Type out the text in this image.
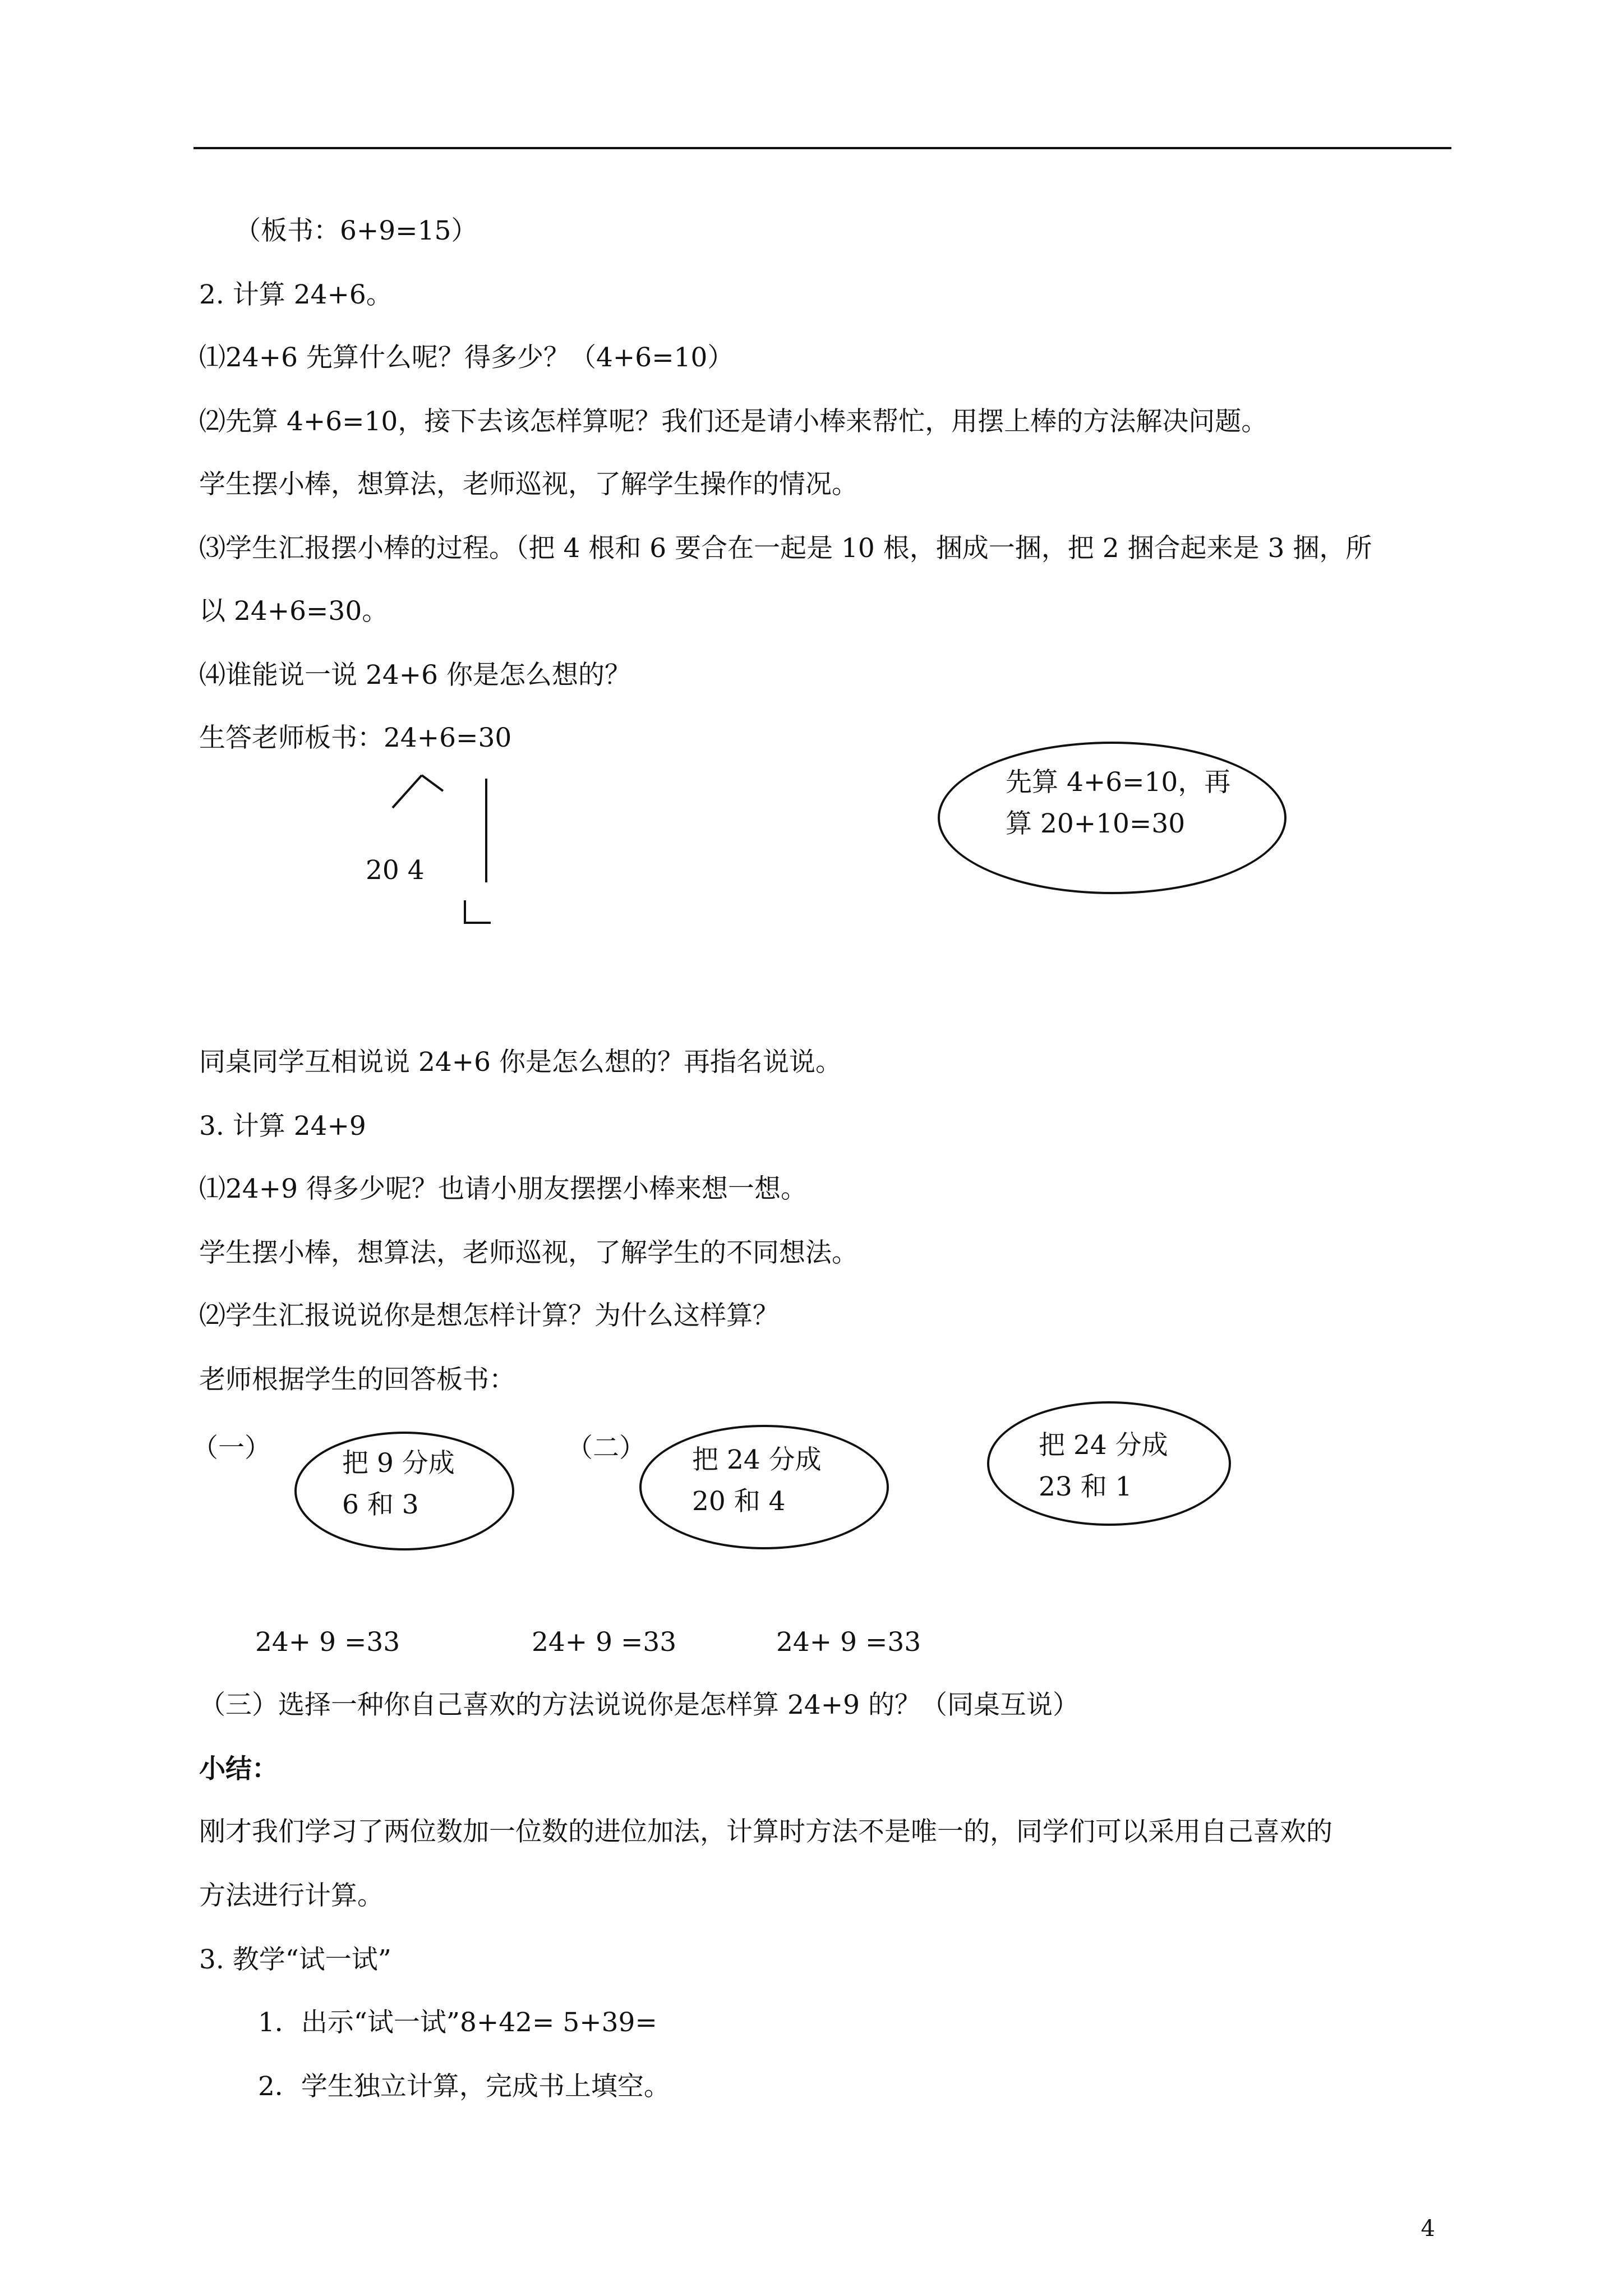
（板书：6+9=15）
2. 计算 24+6。
⑴24+6 先算什么呢？得多少？（4+6=10）
⑵先算 4+6=10，接下去该怎样算呢？我们还是请小棒来帮忙，用摆上棒的方法解决问题。
学生摆小棒，想算法，老师巡视，了解学生操作的情况。
⑶学生汇报摆小棒的过程。（把 4 根和 6 要合在一起是 10 根，捆成一捆，把 2 捆合起来是 3 捆，所
以 24+6=30。
⑷谁能说一说 24+6 你是怎么想的？
生答老师板书：24+6=30
20 4
先算 4+6=10，再
算 20+10=30
同桌同学互相说说 24+6 你是怎么想的？再指名说说。
3. 计算 24+9
⑴24+9 得多少呢？也请小朋友摆摆小棒来想一想。
学生摆小棒，想算法，老师巡视，了解学生的不同想法。
⑵学生汇报说说你是想怎样计算？为什么这样算？
老师根据学生的回答板书：
（一）	把 9 分成
6 和 3
（二） 把 24 分成
20 和 4
把 24 分成
23 和 1
24+ 9 =33	24+ 9 =33	24+ 9 =33
（三）选择一种你自己喜欢的方法说说你是怎样算 24+9 的？（同桌互说）
小结：
刚才我们学习了两位数加一位数的进位加法，计算时方法不是唯一的，同学们可以采用自己喜欢的
方法进行计算。
3. 教学“试一试”
1．出示“试一试”8+42= 5+39=
2．学生独立计算，完成书上填空。
4
